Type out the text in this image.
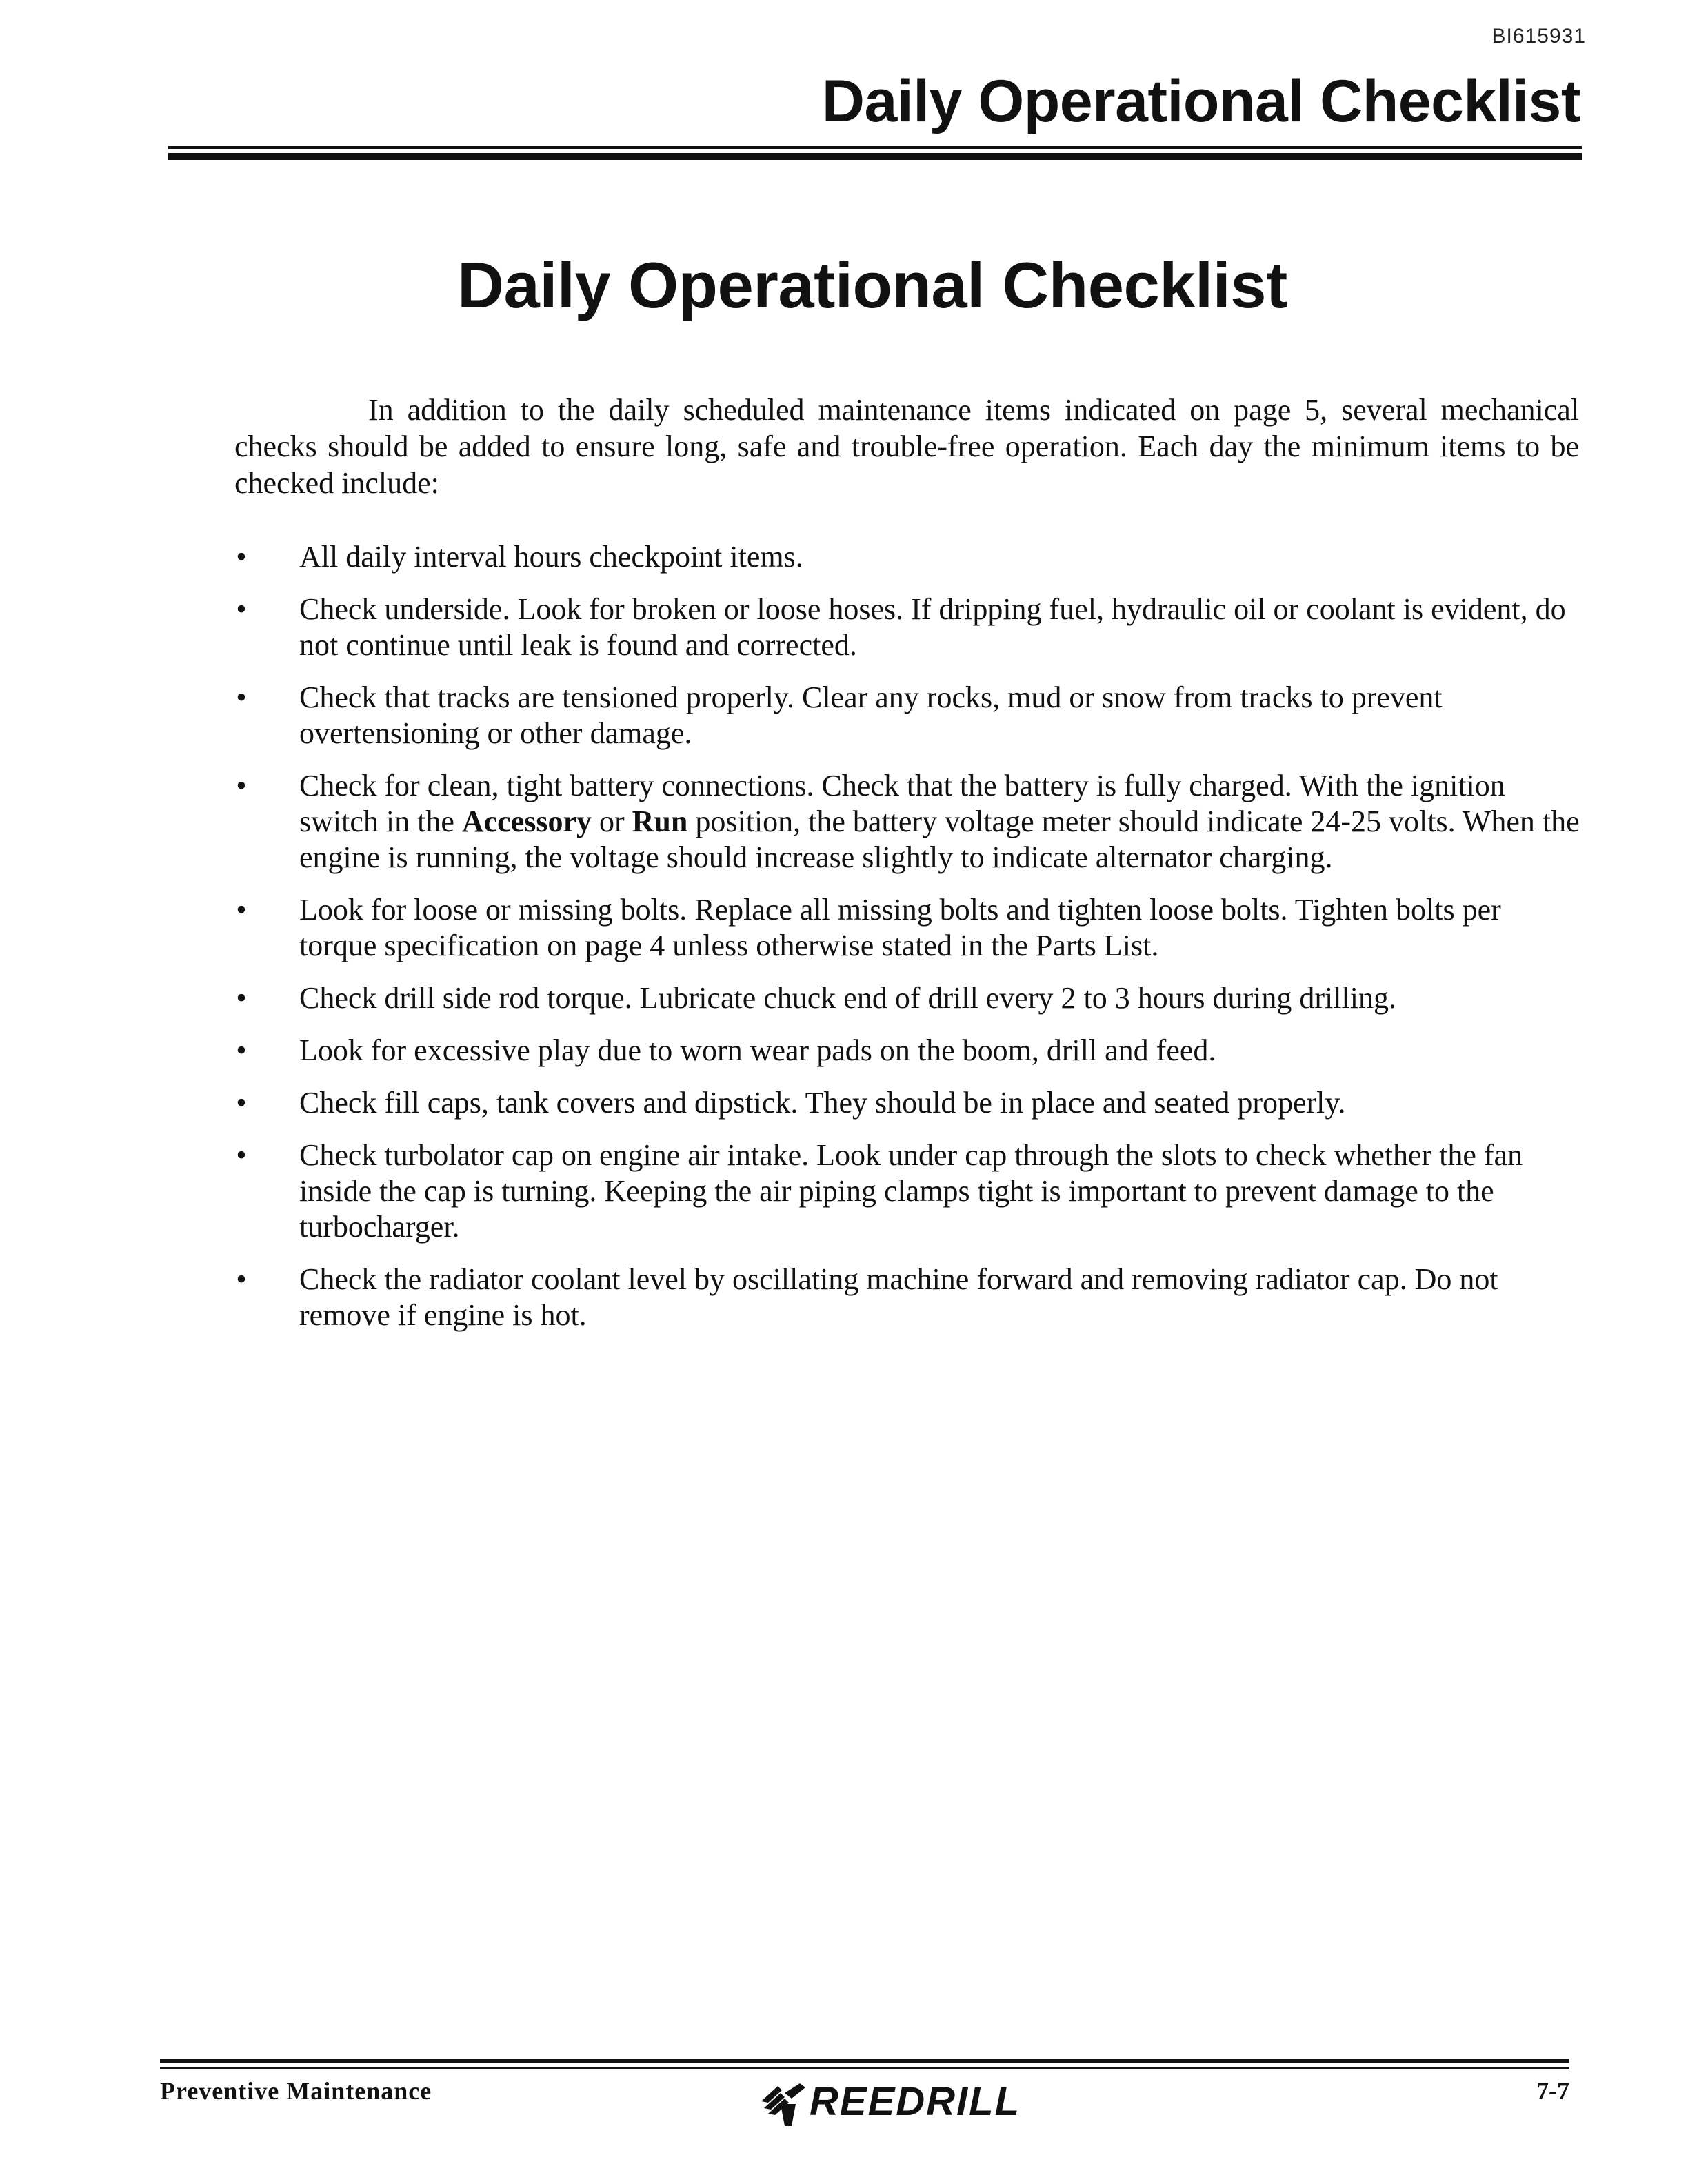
BI615931
Daily Operational Checklist
Daily Operational Checklist

In addition to the daily scheduled maintenance items indicated on page 5, several mechanical checks should be added to ensure long, safe and trouble-free operation. Each day the minimum items to be checked include:

•
All daily interval hours checkpoint items.
•
Check underside. Look for broken or loose hoses. If dripping fuel, hydraulic oil or coolant is evident, do not continue until leak is found and corrected.
•
Check that tracks are tensioned properly. Clear any rocks, mud or snow from tracks to prevent overtensioning or other damage.
•
Check for clean, tight battery connections. Check that the battery is fully charged. With the ignition switch in the Accessory or Run position, the battery voltage meter should indicate 24-25 volts. When the engine is running, the voltage should increase slightly to indicate alternator charging.
•
Look for loose or missing bolts. Replace all missing bolts and tighten loose bolts. Tighten bolts per torque specification on page 4 unless otherwise stated in the Parts List.
•
Check drill side rod torque. Lubricate chuck end of drill every 2 to 3 hours during drilling.
•
Look for excessive play due to worn wear pads on the boom, drill and feed.
•
Check fill caps, tank covers and dipstick. They should be in place and seated properly.
•
Check turbolator cap on engine air intake. Look under cap through the slots to check whether the fan inside the cap is turning. Keeping the air piping clamps tight is important to prevent damage to the turbocharger.
•
Check the radiator coolant level by oscillating machine forward and removing radiator cap. Do not remove if engine is hot.
Preventive Maintenance	REEDRILL	7-7
